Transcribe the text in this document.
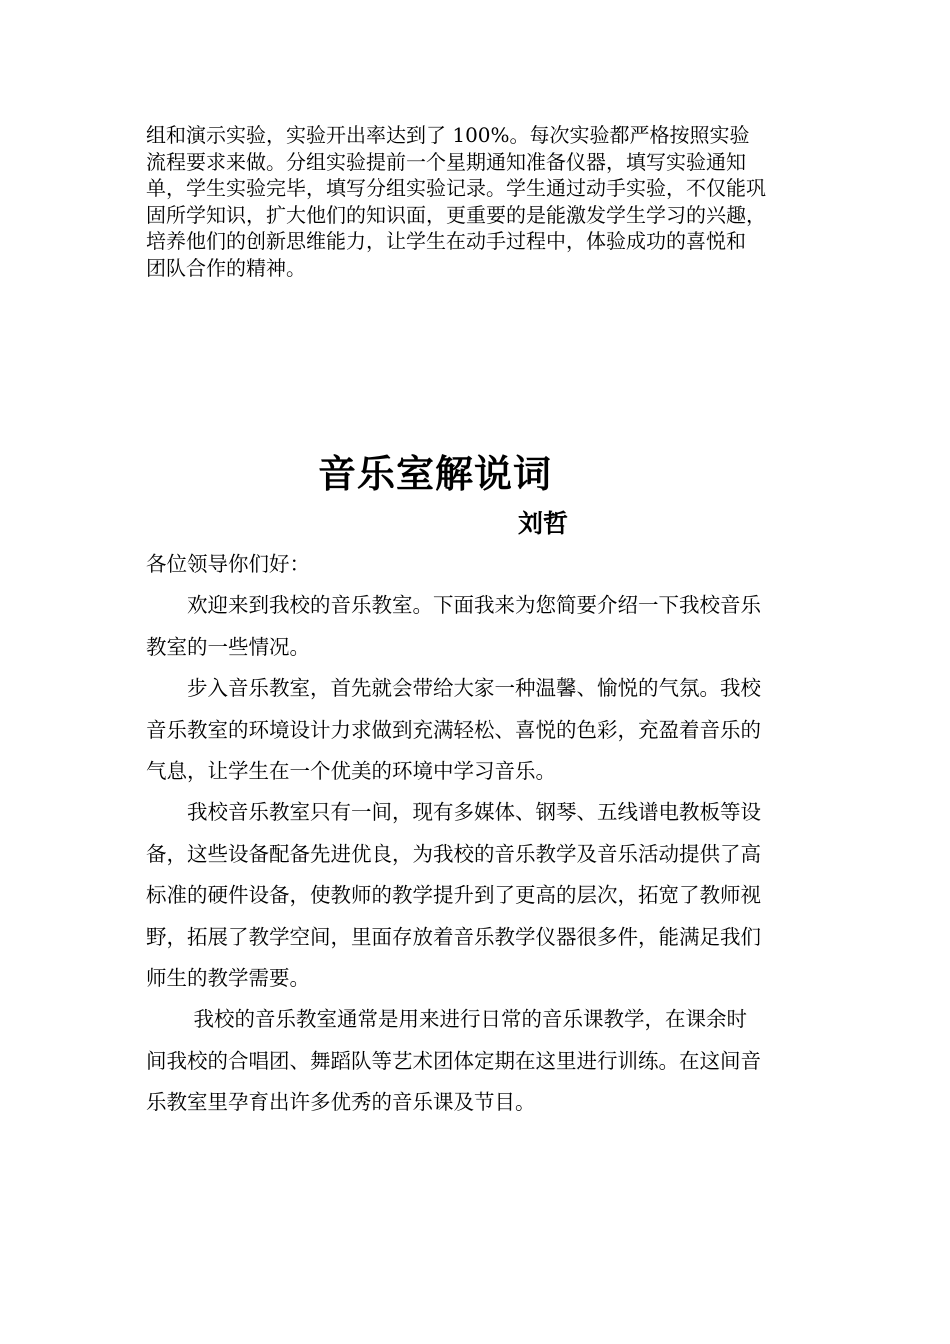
组和演示实验，实验开出率达到了 100%。每次实验都严格按照实验
流程要求来做。分组实验提前一个星期通知准备仪器，填写实验通知
单，学生实验完毕，填写分组实验记录。学生通过动手实验，不仅能巩
固所学知识，扩大他们的知识面，更重要的是能激发学生学习的兴趣，
培养他们的创新思维能力，让学生在动手过程中，体验成功的喜悦和
团队合作的精神。
音乐室解说词
刘哲
各位领导你们好：
　　欢迎来到我校的音乐教室。下面我来为您简要介绍一下我校音乐
教室的一些情况。
　　步入音乐教室，首先就会带给大家一种温馨、愉悦的气氛。我校
音乐教室的环境设计力求做到充满轻松、喜悦的色彩，充盈着音乐的
气息，让学生在一个优美的环境中学习音乐。
　　我校音乐教室只有一间，现有多媒体、钢琴、五线谱电教板等设
备，这些设备配备先进优良，为我校的音乐教学及音乐活动提供了高
标准的硬件设备，使教师的教学提升到了更高的层次，拓宽了教师视
野，拓展了教学空间，里面存放着音乐教学仪器很多件，能满足我们
师生的教学需要。
　　 我校的音乐教室通常是用来进行日常的音乐课教学，在课余时
间我校的合唱团、舞蹈队等艺术团体定期在这里进行训练。在这间音
乐教室里孕育出许多优秀的音乐课及节目。
